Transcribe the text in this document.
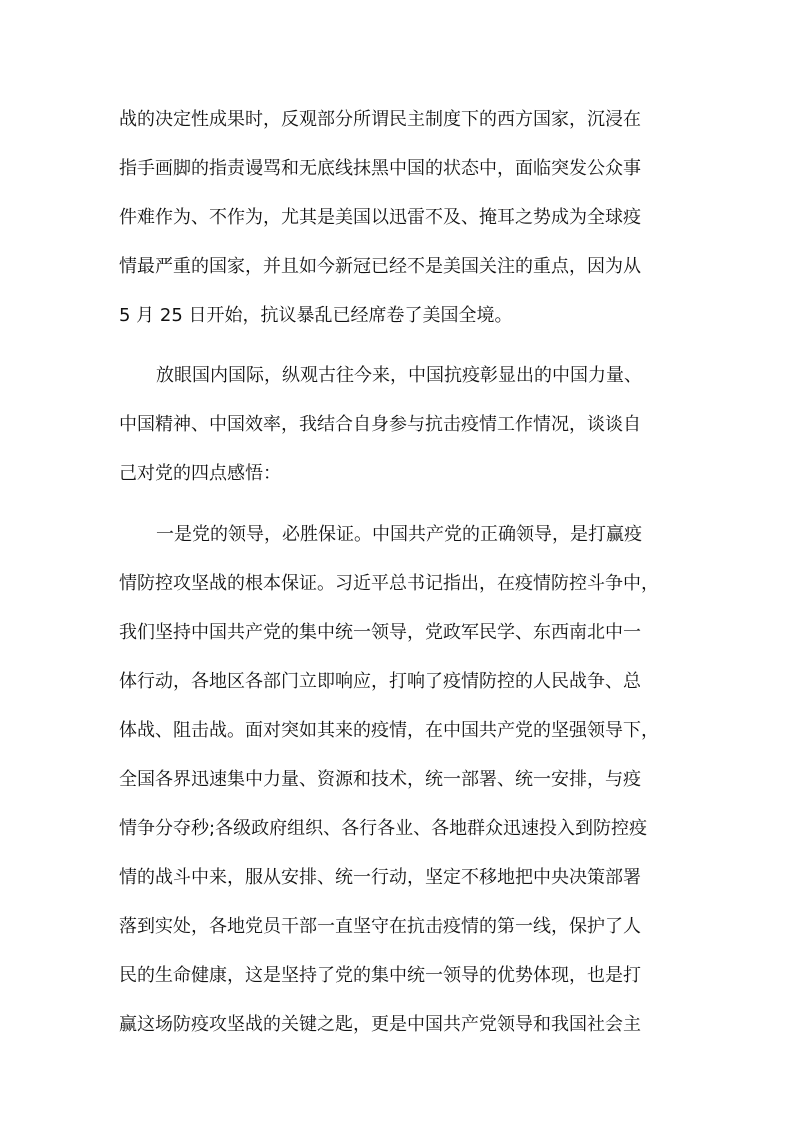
战的决定性成果时，反观部分所谓民主制度下的西方国家，沉浸在
指手画脚的指责谩骂和无底线抹黑中国的状态中，面临突发公众事
件难作为、不作为，尤其是美国以迅雷不及、掩耳之势成为全球疫
情最严重的国家，并且如今新冠已经不是美国关注的重点，因为从
5 月 25 日开始，抗议暴乱已经席卷了美国全境。
放眼国内国际，纵观古往今来，中国抗疫彰显出的中国力量、
中国精神、中国效率，我结合自身参与抗击疫情工作情况，谈谈自
己对党的四点感悟：
一是党的领导，必胜保证。中国共产党的正确领导，是打赢疫
情防控攻坚战的根本保证。习近平总书记指出，在疫情防控斗争中，
我们坚持中国共产党的集中统一领导，党政军民学、东西南北中一
体行动，各地区各部门立即响应，打响了疫情防控的人民战争、总
体战、阻击战。面对突如其来的疫情，在中国共产党的坚强领导下，
全国各界迅速集中力量、资源和技术，统一部署、统一安排，与疫
情争分夺秒;各级政府组织、各行各业、各地群众迅速投入到防控疫
情的战斗中来，服从安排、统一行动，坚定不移地把中央决策部署
落到实处，各地党员干部一直坚守在抗击疫情的第一线，保护了人
民的生命健康，这是坚持了党的集中统一领导的优势体现，也是打
赢这场防疫攻坚战的关键之匙，更是中国共产党领导和我国社会主
